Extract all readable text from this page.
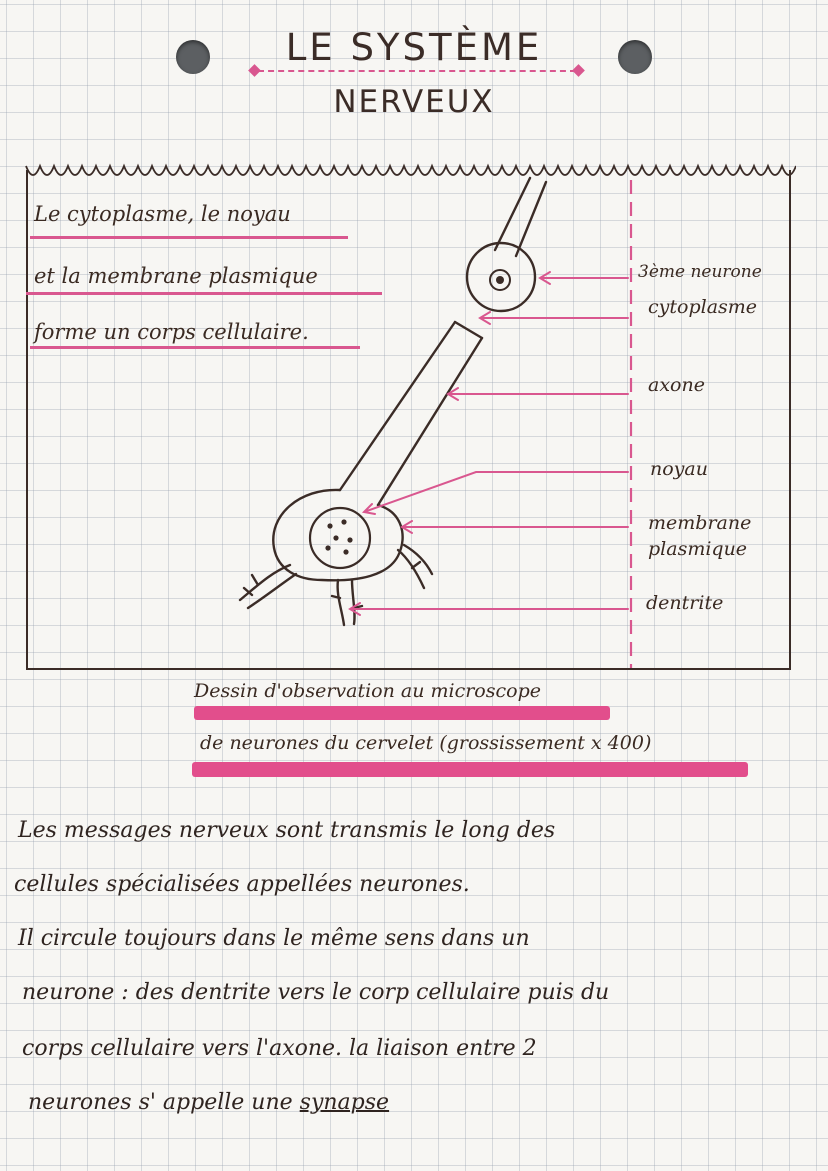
LE SYSTÈME
NERVEUX
Le cytoplasme, le noyau
et la membrane plasmique
forme un corps cellulaire.
3ème neurone
cytoplasme
axone
noyau
membrane
plasmique
dentrite
Dessin d'observation au microscope
de neurones du cervelet (grossissement x 400)
Les messages nerveux sont transmis le long des
cellules spécialisées appellées neurones.
Il circule toujours dans le même sens dans un
neurone : des dentrite vers le corp cellulaire puis du
corps cellulaire vers l'axone. la liaison entre 2
neurones s' appelle une
synapse
